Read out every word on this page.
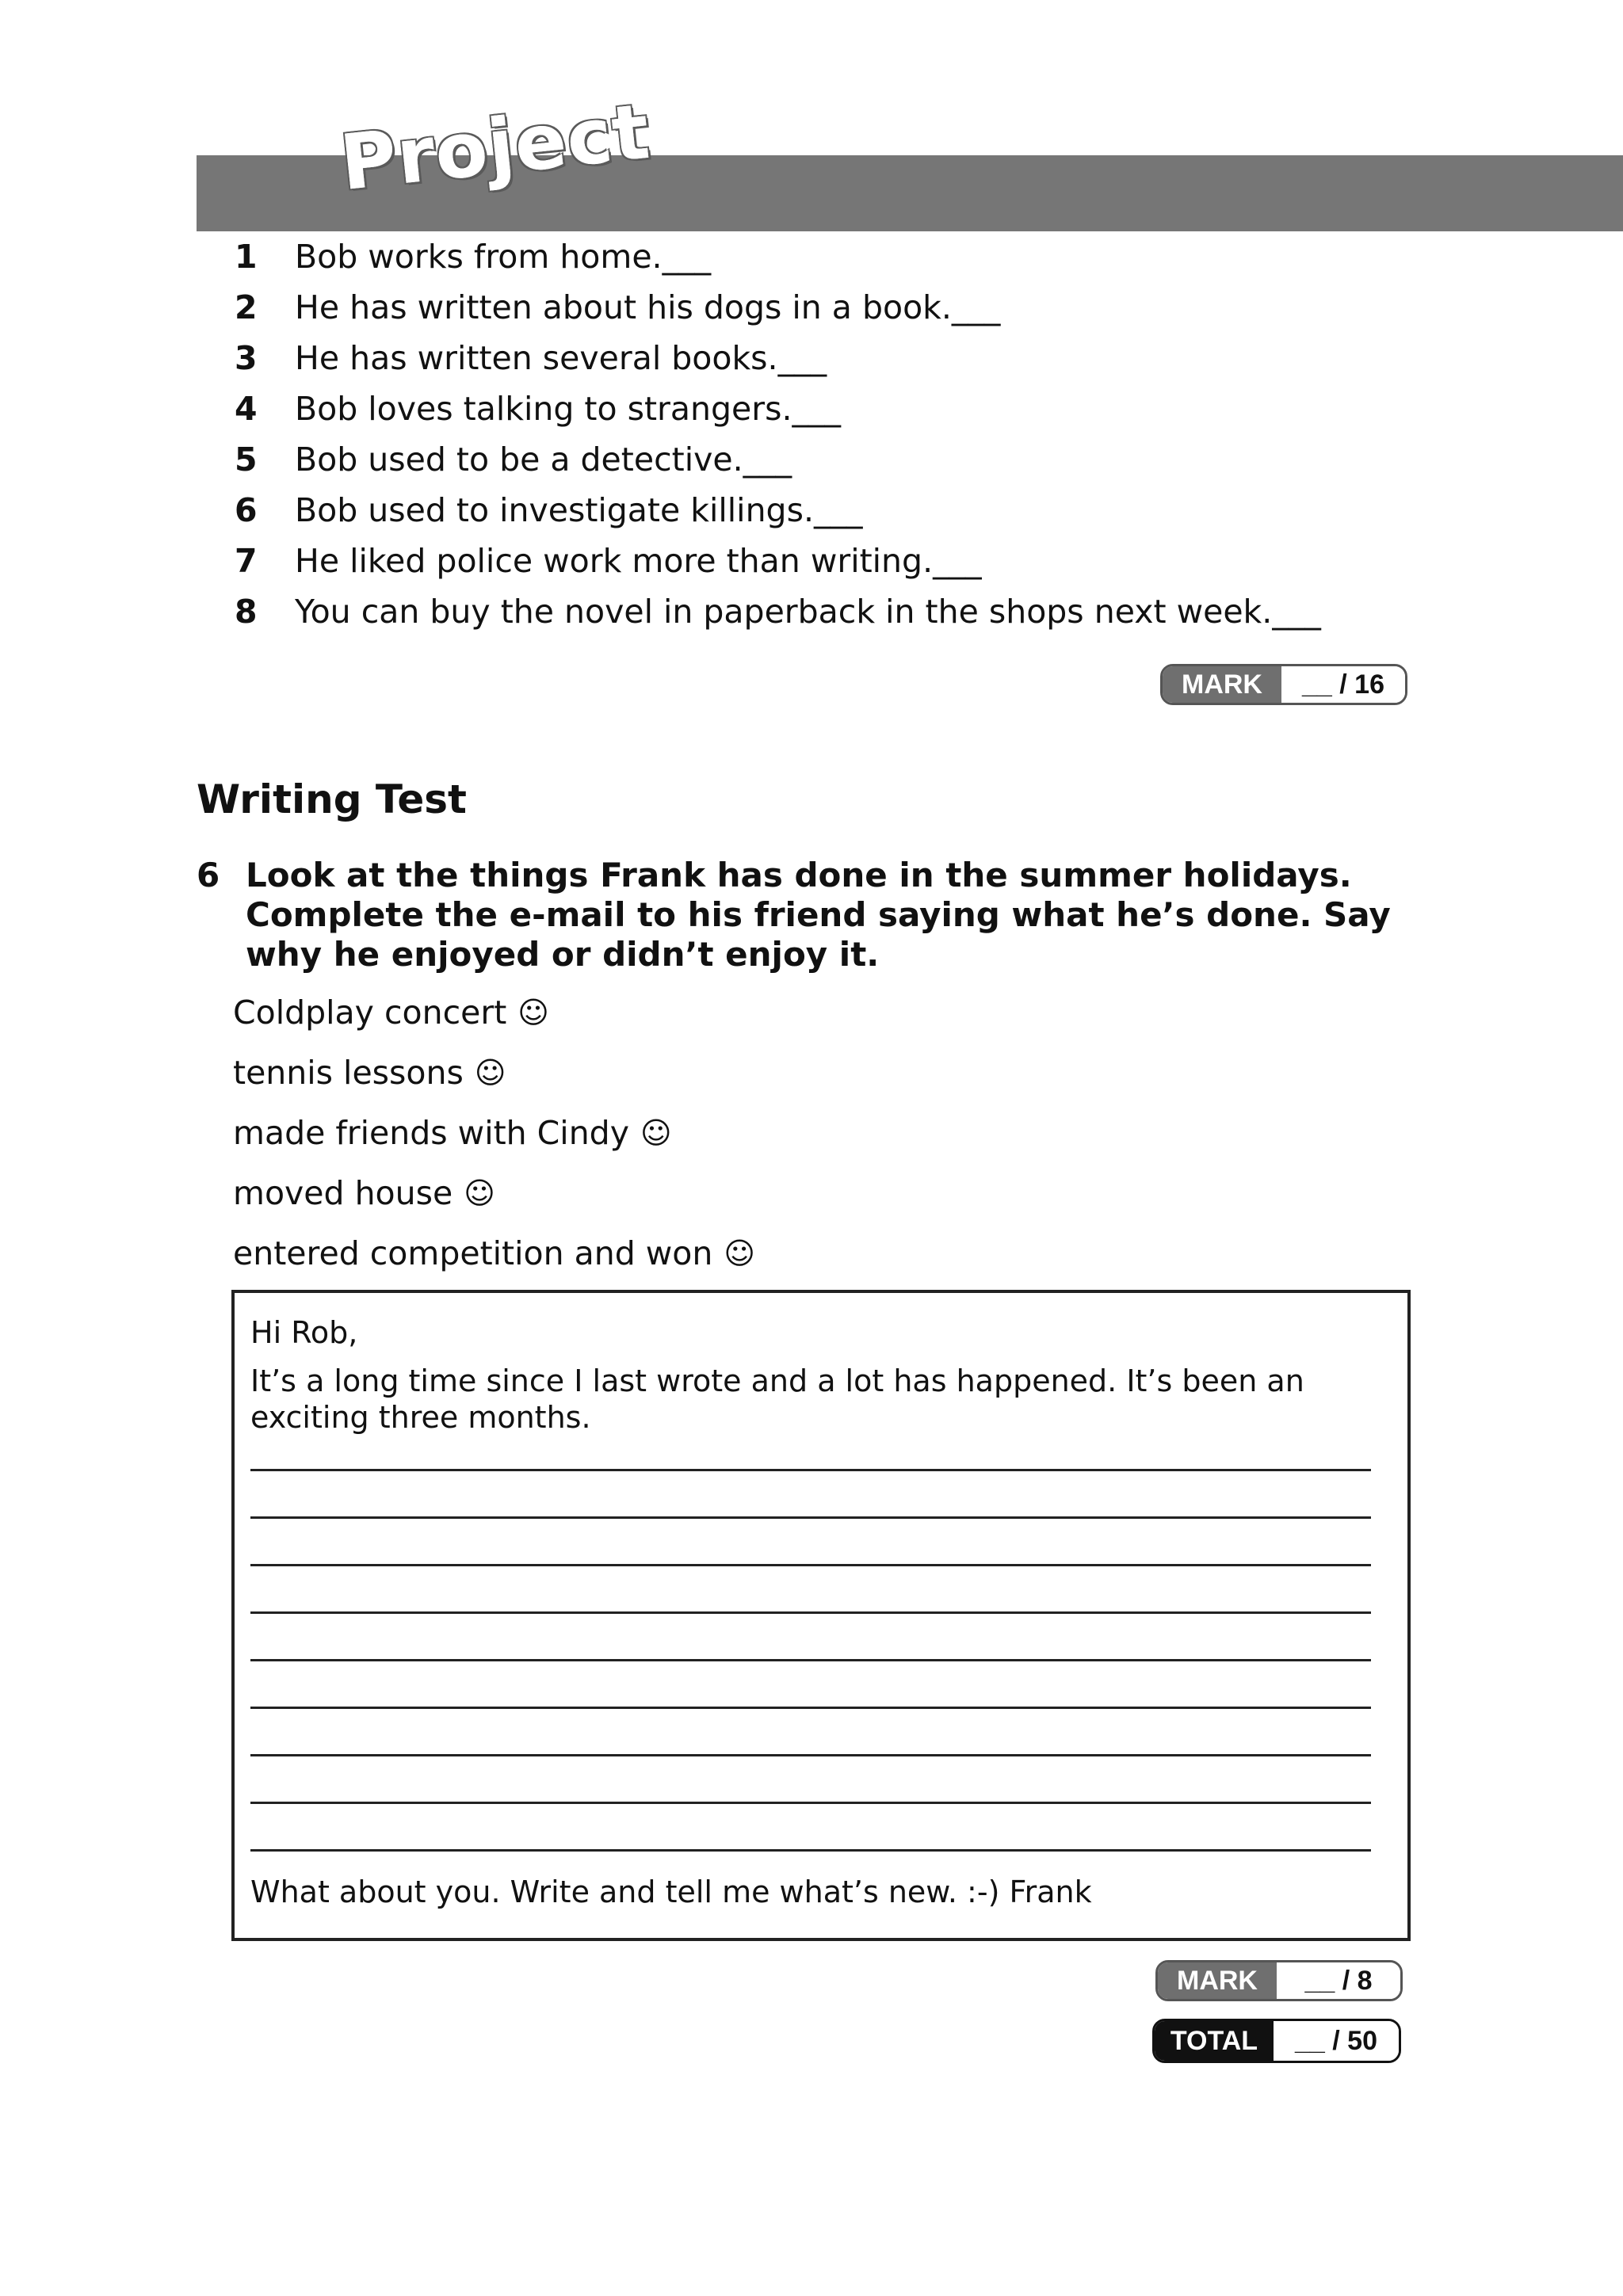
Project
1	Bob works from home.___
2	He has written about his dogs in a book.___
3	He has written several books.___
4	Bob loves talking to strangers.___
5	Bob used to be a detective.___
6	Bob used to investigate killings.___
7	He liked police work more than writing.___
8	You can buy the novel in paperback in the shops next week.___
MARK	__ / 16
Writing Test
6 Look at the things Frank has done in the summer holidays. Complete the e-mail to his friend saying what he’s done. Say why he enjoyed or didn’t enjoy it.
Coldplay concert ☺
tennis lessons ☺
made friends with Cindy ☺
moved house ☺
entered competition and won ☺
Hi Rob,
It’s a long time since I last wrote and a lot has happened. It’s been an exciting three months.
What about you. Write and tell me what’s new. :-) Frank
MARK	__ / 8
TOTAL	__ / 50
